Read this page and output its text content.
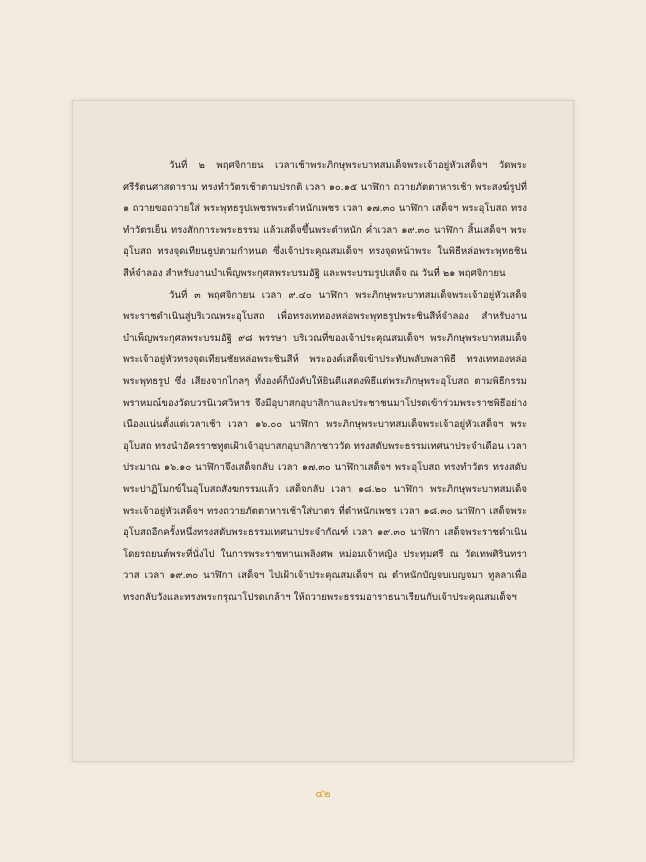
วันที่ ๒ พฤศจิกายน เวลาเช้าพระภิกษุพระบาทสมเด็จพระเจ้าอยู่หัวเสด็จฯ วัดพระศรีรัตนศาสดาราม ทรงทำวัตรเช้าตามปรกติ เวลา ๑๐.๑๕ นาฬิกา ถวายภัตตาหารเช้า พระสงฆ์รูปที่ ๑ ถวายขอถวายใส่ พระพุทธรูปเพชรพระตำหนักเพชร เวลา ๑๗.๓๐ นาฬิกา เสด็จฯ พระอุโบสถ ทรงทำวัตรเย็น ทรงสักการะพระธรรม แล้วเสด็จขึ้นพระตำหนัก ค่ำเวลา ๑๙.๓๐ นาฬิกา สิ้นเสด็จฯ พระอุโบสถ ทรงจุดเทียนธูปตามกำหนด ซึ่งเจ้าประคุณสมเด็จฯ ทรงจุดหน้าพระ ในพิธีหล่อพระพุทธชินสีห์จำลอง สำหรับงานบำเพ็ญพระกุศลพระบรมอัฐิ และพระบรมรูปเสด็จ ณ วันที่ ๒๑ พฤศจิกายน

วันที่ ๓ พฤศจิกายน เวลา ๙.๔๐ นาฬิกา พระภิกษุพระบาทสมเด็จพระเจ้าอยู่หัวเสด็จพระราชดำเนินสู่บริเวณพระอุโบสถ เพื่อทรงเททองหล่อพระพุทธรูปพระชินสีห์จำลอง สำหรับงานบำเพ็ญพระกุศลพระบรมอัฐิ ๙๘ พรรษา บริเวณที่ของเจ้าประคุณสมเด็จฯ พระภิกษุพระบาทสมเด็จพระเจ้าอยู่หัวทรงจุดเทียนชัยหล่อพระชินสีห์ พระองค์เสด็จเข้าประทับพลับพลาพิธี ทรงเททองหล่อพระพุทธรูป ซึ่ง เสียงจากไกลๆ ทั้งองค์ก็บังคับให้ยินดีแสดงพิธีแต่พระภิกษุพระอุโบสถ ตามพิธีกรรมพราหมณ์ของวัดบวรนิเวศวิหาร จึงมีอุบาสกอุบาสิกาและประชาชนมาโปรดเข้าร่วมพระราชพิธีอย่างเนืองแน่นตั้งแต่เวลาเช้า เวลา ๑๖.๐๐ นาฬิกา พระภิกษุพระบาทสมเด็จพระเจ้าอยู่หัวเสด็จฯ พระอุโบสถ ทรงนำอัครราชทูตเฝ้าเจ้าอุบาสกอุบาสิกาชาววัด ทรงสดับพระธรรมเทศนาประจำเดือน เวลาประมาณ ๑๖.๑๐ นาฬิกาจึงเสด็จกลับ เวลา ๑๗.๓๐ นาฬิกาเสด็จฯ พระอุโบสถ ทรงทำวัตร ทรงสดับพระปาฏิโมกข์ในอุโบสถสังฆกรรมแล้ว เสด็จกลับ เวลา ๑๘.๒๐ นาฬิกา พระภิกษุพระบาทสมเด็จพระเจ้าอยู่หัวเสด็จฯ ทรงถวายภัตตาหารเช้าใส่บาตร ที่ตำหนักเพชร เวลา ๑๘.๓๐ นาฬิกา เสด็จพระอุโบสถอีกครั้งหนึ่งทรงสดับพระธรรมเทศนาประจำกัณฑ์ เวลา ๑๙.๓๐ นาฬิกา เสด็จพระราชดำเนินโดยรถยนต์พระที่นั่งไป ในการพระราชทานเพลิงศพ หม่อมเจ้าหญิง ประทุมศรี ณ วัดเทพศิรินทราวาส เวลา ๑๙.๓๐ นาฬิกา เสด็จฯ ไปเฝ้าเจ้าประคุณสมเด็จฯ ณ ตำหนักบัญจบเบญจมา ทูลลาเพื่อทรงกลับวังและทรงพระกรุณาโปรดเกล้าฯ ให้ถวายพระธรรมอาราธนาเรียนกับเจ้าประคุณสมเด็จฯ

๔๒
